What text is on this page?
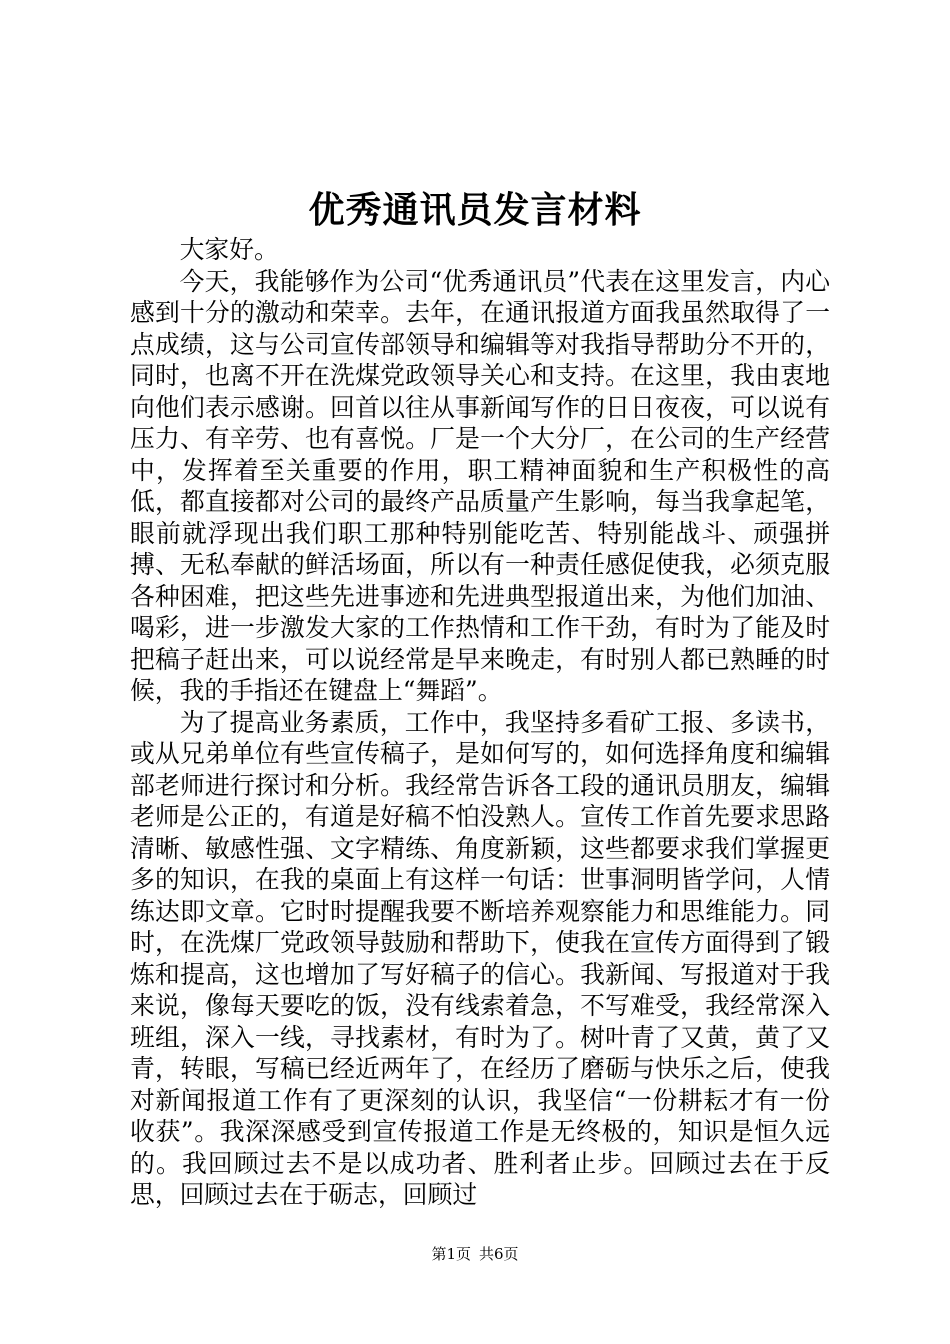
优秀通讯员发言材料

大家好。

今天，我能够作为公司“优秀通讯员”代表在这里发言，内心感到十分的激动和荣幸。去年，在通讯报道方面我虽然取得了一点成绩，这与公司宣传部领导和编辑等对我指导帮助分不开的，同时，也离不开在洗煤党政领导关心和支持。在这里，我由衷地向他们表示感谢。回首以往从事新闻写作的日日夜夜，可以说有压力、有辛劳、也有喜悦。厂是一个大分厂，在公司的生产经营中，发挥着至关重要的作用，职工精神面貌和生产积极性的高低，都直接都对公司的最终产品质量产生影响，每当我拿起笔，眼前就浮现出我们职工那种特别能吃苦、特别能战斗、顽强拼搏、无私奉献的鲜活场面，所以有一种责任感促使我，必须克服各种困难，把这些先进事迹和先进典型报道出来，为他们加油、喝彩，进一步激发大家的工作热情和工作干劲，有时为了能及时把稿子赶出来，可以说经常是早来晚走，有时别人都已熟睡的时候，我的手指还在键盘上“舞蹈”。

为了提高业务素质，工作中，我坚持多看矿工报、多读书，或从兄弟单位有些宣传稿子，是如何写的，如何选择角度和编辑部老师进行探讨和分析。我经常告诉各工段的通讯员朋友，编辑老师是公正的，有道是好稿不怕没熟人。宣传工作首先要求思路清晰、敏感性强、文字精练、角度新颖，这些都要求我们掌握更多的知识，在我的桌面上有这样一句话：世事洞明皆学问，人情练达即文章。它时时提醒我要不断培养观察能力和思维能力。同时，在洗煤厂党政领导鼓励和帮助下，使我在宣传方面得到了锻炼和提高，这也增加了写好稿子的信心。我新闻、写报道对于我来说，像每天要吃的饭，没有线索着急，不写难受，我经常深入班组，深入一线，寻找素材，有时为了。树叶青了又黄，黄了又青，转眼，写稿已经近两年了，在经历了磨砺与快乐之后，使我对新闻报道工作有了更深刻的认识，我坚信“一份耕耘才有一份收获”。我深深感受到宣传报道工作是无终极的，知识是恒久远的。我回顾过去不是以成功者、胜利者止步。回顾过去在于反思，回顾过去在于砺志，回顾过

第1页 共6页
